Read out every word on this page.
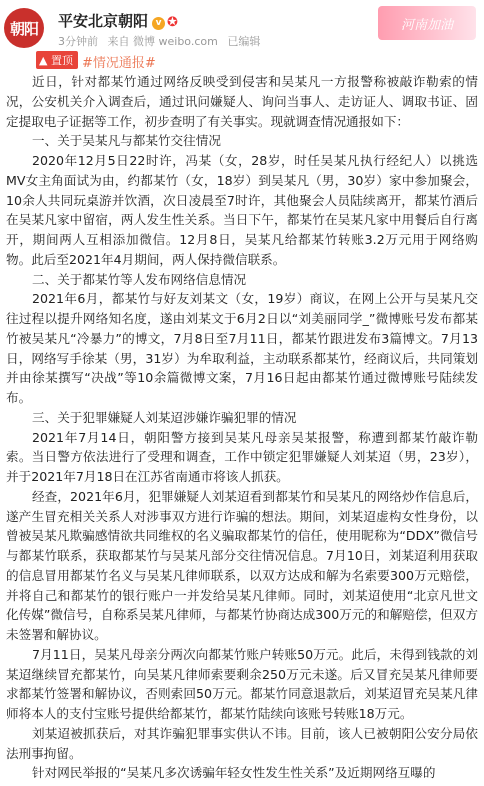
朝阳	平安北京朝阳 v ✪
3分钟前 来自 微博 weibo.com 已编辑
河南加油
▲ 置顶 #情况通报#

近日，针对都某竹通过网络反映受到侵害和吴某凡一方报警称被敲诈勒索的情况，公安机关介入调查后，通过讯问嫌疑人、询问当事人、走访证人、调取书证、固定提取电子证据等工作，初步查明了有关事实。现就调查情况通报如下：

一、关于吴某凡与都某竹交往情况

2020年12月5日22时许，冯某（女，28岁，时任吴某凡执行经纪人）以挑选MV女主角面试为由，约都某竹（女，18岁）到吴某凡（男，30岁）家中参加聚会，10余人共同玩桌游并饮酒，次日凌晨至7时许，其他聚会人员陆续离开，都某竹酒后在吴某凡家中留宿，两人发生性关系。当日下午，都某竹在吴某凡家中用餐后自行离开，期间两人互相添加微信。12月8日，吴某凡给都某竹转账3.2万元用于网络购物。此后至2021年4月期间，两人保持微信联系。

二、关于都某竹等人发布网络信息情况

2021年6月，都某竹与好友刘某文（女，19岁）商议，在网上公开与吴某凡交往过程以提升网络知名度，遂由刘某文于6月2日以“刘美丽同学_”微博账号发布都某竹被吴某凡“冷暴力”的博文，7月8日至7月11日，都某竹跟进发布3篇博文。7月13日，网络写手徐某（男，31岁）为牟取利益，主动联系都某竹，经商议后，共同策划并由徐某撰写“决战”等10余篇微博文案，7月16日起由都某竹通过微博账号陆续发布。

三、关于犯罪嫌疑人刘某迢涉嫌诈骗犯罪的情况

2021年7月14日，朝阳警方接到吴某凡母亲吴某报警，称遭到都某竹敲诈勒索。当日警方依法进行了受理和调查，工作中锁定犯罪嫌疑人刘某迢（男，23岁），并于2021年7月18日在江苏省南通市将该人抓获。

经查，2021年6月，犯罪嫌疑人刘某迢看到都某竹和吴某凡的网络炒作信息后，遂产生冒充相关关系人对涉事双方进行诈骗的想法。期间，刘某迢虚构女性身份，以曾被吴某凡欺骗感情欲共同维权的名义骗取都某竹的信任，使用昵称为“DDX”微信号与都某竹联系，获取都某竹与吴某凡部分交往情况信息。7月10日，刘某迢利用获取的信息冒用都某竹名义与吴某凡律师联系，以双方达成和解为名索要300万元赔偿，并将自己和都某竹的银行账户一并发给吴某凡律师。同时，刘某迢使用“北京凡世文化传媒”微信号，自称系吴某凡律师，与都某竹协商达成300万元的和解赔偿，但双方未签署和解协议。

7月11日，吴某凡母亲分两次向都某竹账户转账50万元。此后，未得到钱款的刘某迢继续冒充都某竹，向吴某凡律师索要剩余250万元未遂。后又冒充吴某凡律师要求都某竹签署和解协议，否则索回50万元。都某竹同意退款后，刘某迢冒充吴某凡律师将本人的支付宝账号提供给都某竹，都某竹陆续向该账号转账18万元。

刘某迢被抓获后，对其诈骗犯罪事实供认不讳。目前，该人已被朝阳公安分局依法刑事拘留。

针对网民举报的“吴某凡多次诱骗年轻女性发生性关系”及近期网络互曝的
